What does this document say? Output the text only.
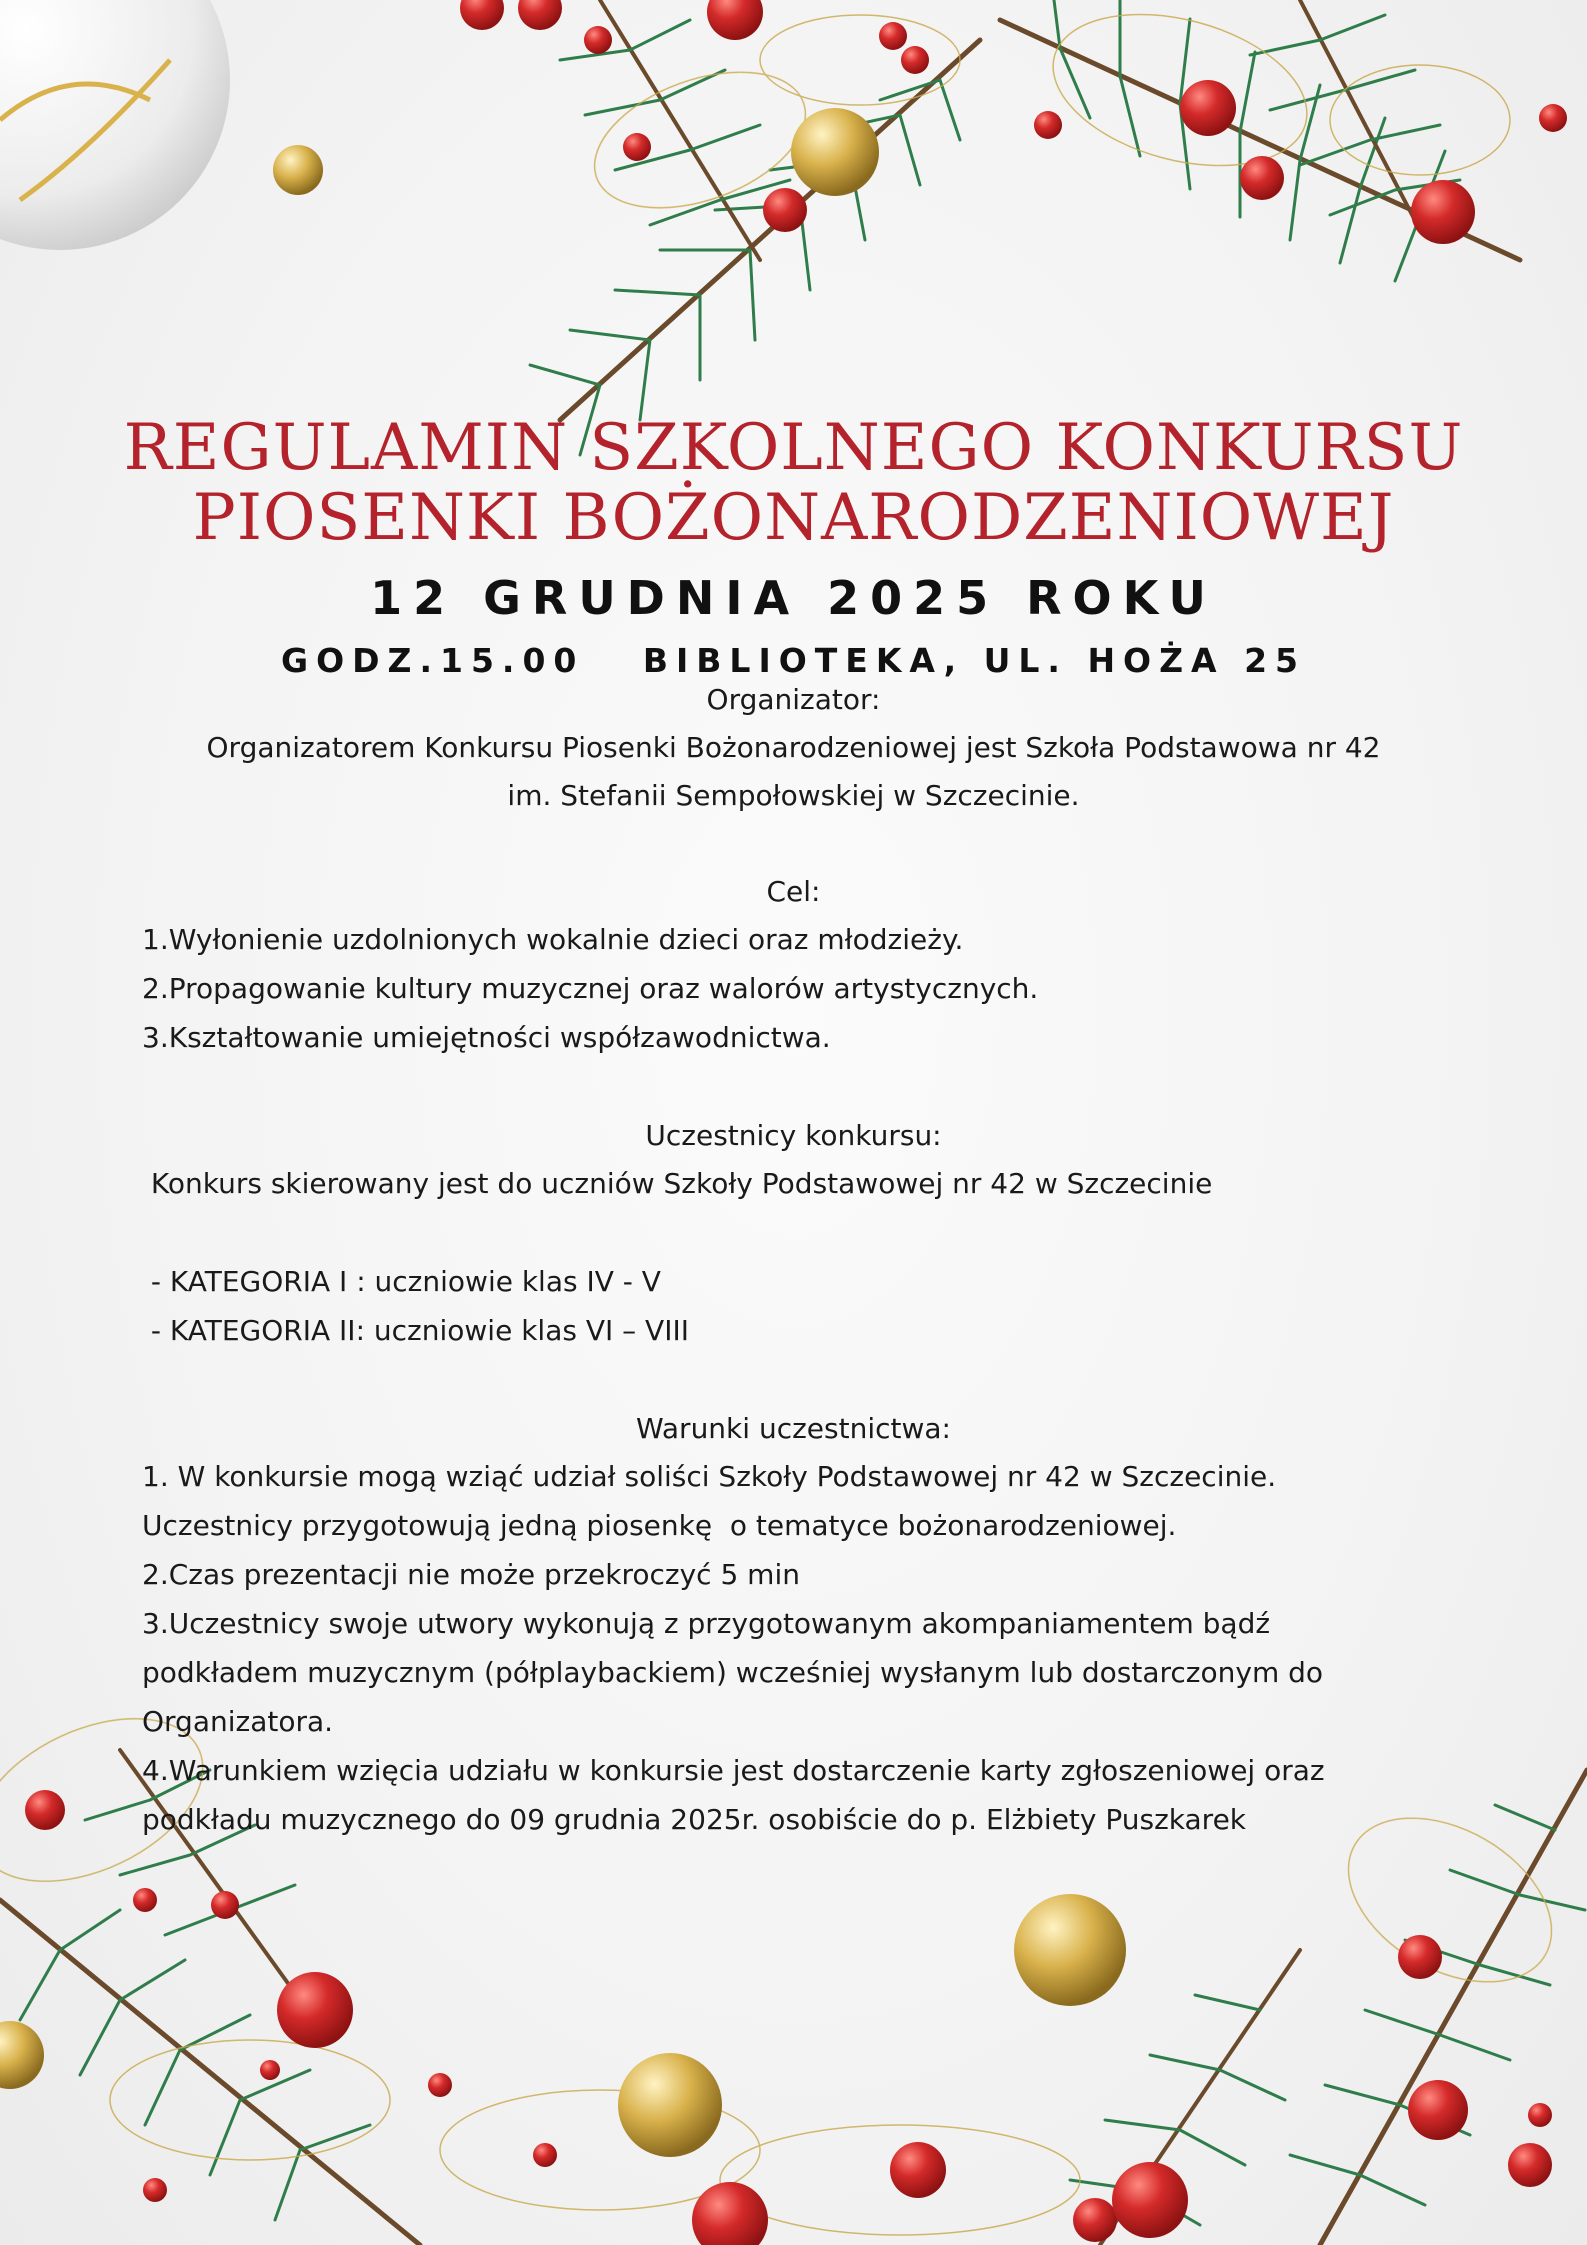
REGULAMIN SZKOLNEGO KONKURSU
PIOSENKI BOŻONARODZENIOWEJ
12 GRUDNIA 2025 ROKU
GODZ.15.00   BIBLIOTEKA, UL. HOŻA 25
Organizator:
Organizatorem Konkursu Piosenki Bożonarodzeniowej jest Szkoła Podstawowa nr 42
im. Stefanii Sempołowskiej w Szczecinie.
Cel:
1.Wyłonienie uzdolnionych wokalnie dzieci oraz młodzieży.
2.Propagowanie kultury muzycznej oraz walorów artystycznych.
3.Kształtowanie umiejętności współzawodnictwa.
Uczestnicy konkursu:
Konkurs skierowany jest do uczniów Szkoły Podstawowej nr 42 w Szczecinie
- KATEGORIA I : uczniowie klas IV - V
- KATEGORIA II: uczniowie klas VI – VIII
Warunki uczestnictwa:
1. W konkursie mogą wziąć udział soliści Szkoły Podstawowej nr 42 w Szczecinie.
Uczestnicy przygotowują jedną piosenkę  o tematyce bożonarodzeniowej.
2.Czas prezentacji nie może przekroczyć 5 min
3.Uczestnicy swoje utwory wykonują z przygotowanym akompaniamentem bądź
podkładem muzycznym (półplaybackiem) wcześniej wysłanym lub dostarczonym do
Organizatora.
4.Warunkiem wzięcia udziału w konkursie jest dostarczenie karty zgłoszeniowej oraz
podkładu muzycznego do 09 grudnia 2025r. osobiście do p. Elżbiety Puszkarek
